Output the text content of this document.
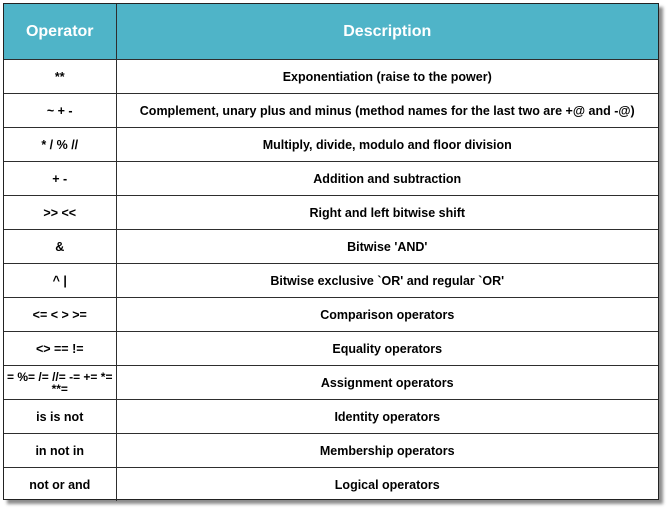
Operator	Description
**	Exponentiation (raise to the power)
~ + -	Complement, unary plus and minus (method names for the last two are +@ and -@)
* / % //	Multiply, divide, modulo and floor division
+ -	Addition and subtraction
>> <<	Right and left bitwise shift
&	Bitwise 'AND'
^ |	Bitwise exclusive `OR' and regular `OR'
<= < > >=	Comparison operators
<> == !=	Equality operators
= %= /= //= -= += *= **=	Assignment operators
is is not	Identity operators
in not in	Membership operators
not or and	Logical operators
